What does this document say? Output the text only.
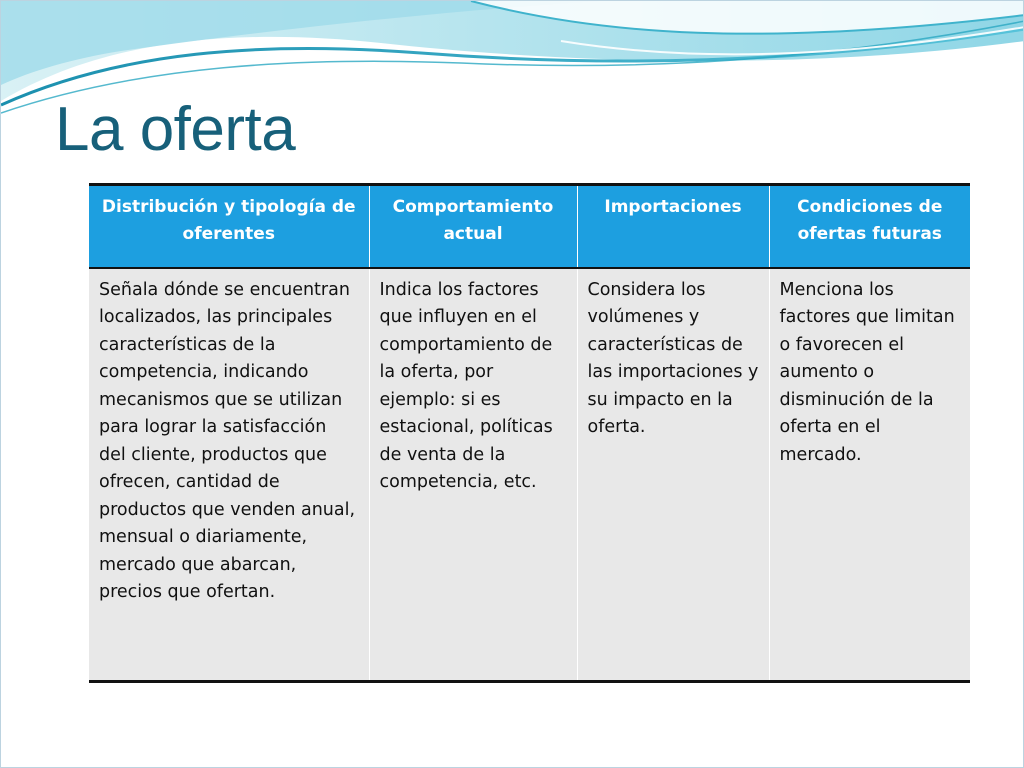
La oferta
Distribución y tipología de oferentes	Comportamiento actual	Importaciones	Condiciones de ofertas futuras
Señala dónde se encuentran localizados, las principales características de la competencia, indicando mecanismos que se utilizan para lograr la satisfacción del cliente, productos que ofrecen, cantidad de productos que venden anual, mensual o diariamente, mercado que abarcan, precios que ofertan.	Indica los factores que influyen en el comportamiento de la oferta, por ejemplo: si es estacional, políticas de venta de la competencia, etc.	Considera los volúmenes y características de las importaciones y su impacto en la oferta.	Menciona los factores que limitan o favorecen el aumento o disminución de la oferta en el mercado.
